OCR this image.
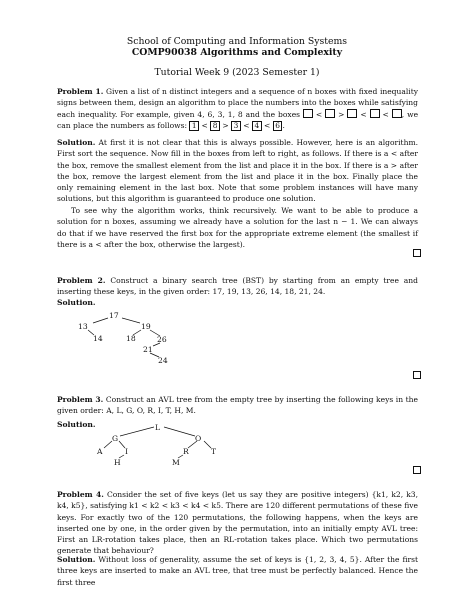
School of Computing and Information Systems
COMP90038 Algorithms and Complexity
Tutorial Week 9 (2023 Semester 1)

Problem 1. Given a list of n distinct integers and a sequence of n boxes with fixed inequality signs between them, design an algorithm to place the numbers into the boxes while satisfying each inequality. For example, given 4, 6, 3, 1, 8 and the boxes < > < < , we can place the numbers as follows: 1 < 8 > 3 < 4 < 6 .

Solution. At first it is not clear that this is always possible. However, here is an algorithm. First sort the sequence. Now fill in the boxes from left to right, as follows. If there is a < after the box, remove the smallest element from the list and place it in the box. If there is a > after the box, remove the largest element from the list and place it in the box. Finally place the only remaining element in the last box. Note that some problem instances will have many solutions, but this algorithm is guaranteed to produce one solution.

To see why the algorithm works, think recursively. We want to be able to produce a solution for n boxes, assuming we already have a solution for the last n − 1. We can always do that if we have reserved the first box for the appropriate extreme element (the smallest if there is a < after the box, otherwise the largest).

Problem 2. Construct a binary search tree (BST) by starting from an empty tree and inserting these keys, in the given order: 17, 19, 13, 26, 14, 18, 21, 24.

Solution.
17
13	19
14	18	26
21
24

Problem 3. Construct an AVL tree from the empty tree by inserting the following keys in the given order: A, L, G, O, R, I, T, H, M.

Solution.	L
G	O
A	I	R
H	M
T

Problem 4. Consider the set of five keys (let us say they are positive integers) {k1, k2, k3, k4, k5}, satisfying k1 < k2 < k3 < k4 < k5. There are 120 different permutations of these five keys. For exactly two of the 120 permutations, the following happens, when the keys are inserted one by one, in the order given by the permutation, into an initially empty AVL tree: First an LR-rotation takes place, then an RL-rotation takes place. Which two permutations generate that behaviour?

Solution. Without loss of generality, assume the set of keys is {1, 2, 3, 4, 5}. After the first three keys are inserted to make an AVL tree, that tree must be perfectly balanced. Hence the first three
